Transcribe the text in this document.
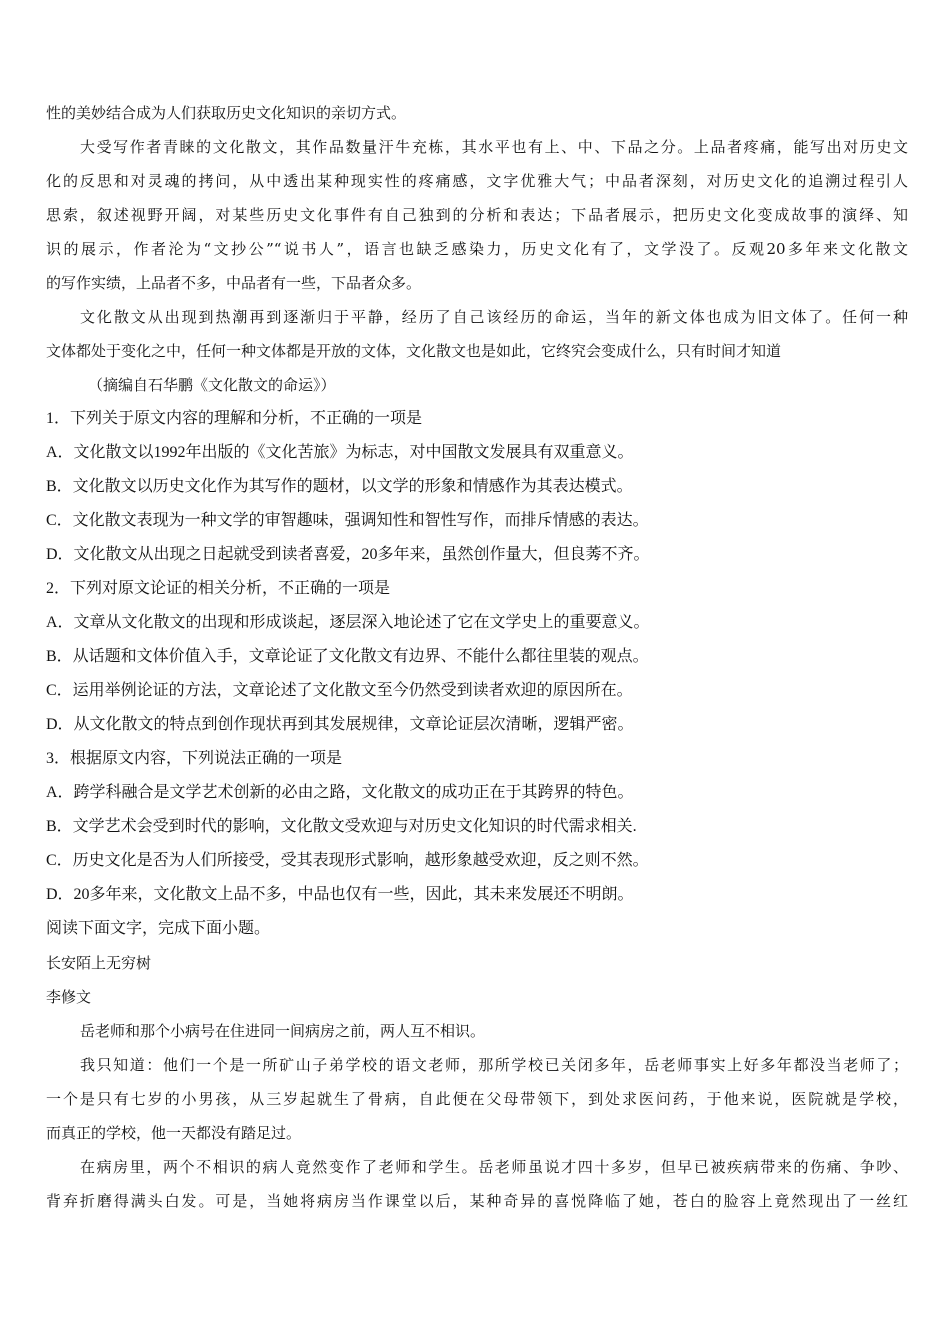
性的美妙结合成为人们获取历史文化知识的亲切方式。
大受写作者青睐的文化散文，其作品数量汗牛充栋，其水平也有上、中、下品之分。上品者疼痛，能写出对历史文
化的反思和对灵魂的拷问，从中透出某种现实性的疼痛感，文字优雅大气；中品者深刻，对历史文化的追溯过程引人
思索，叙述视野开阔，对某些历史文化事件有自己独到的分析和表达；下品者展示，把历史文化变成故事的演绎、知
识的展示，作者沦为“文抄公”“说书人”，语言也缺乏感染力，历史文化有了，文学没了。反观20多年来文化散文
的写作实绩，上品者不多，中品者有一些，下品者众多。
文化散文从出现到热潮再到逐渐归于平静，经历了自己该经历的命运，当年的新文体也成为旧文体了。任何一种
文体都处于变化之中，任何一种文体都是开放的文体，文化散文也是如此，它终究会变成什么，只有时间才知道
（摘编自石华鹏《文化散文的命运》）
1．下列关于原文内容的理解和分析，不正确的一项是
A．文化散文以1992年出版的《文化苦旅》为标志，对中国散文发展具有双重意义。
B．文化散文以历史文化作为其写作的题材，以文学的形象和情感作为其表达模式。
C．文化散文表现为一种文学的审智趣味，强调知性和智性写作，而排斥情感的表达。
D．文化散文从出现之日起就受到读者喜爱，20多年来，虽然创作量大，但良莠不齐。
2．下列对原文论证的相关分析，不正确的一项是
A．文章从文化散文的出现和形成谈起，逐层深入地论述了它在文学史上的重要意义。
B．从话题和文体价值入手，文章论证了文化散文有边界、不能什么都往里装的观点。
C．运用举例论证的方法，文章论述了文化散文至今仍然受到读者欢迎的原因所在。
D．从文化散文的特点到创作现状再到其发展规律，文章论证层次清晰，逻辑严密。
3．根据原文内容，下列说法正确的一项是
A．跨学科融合是文学艺术创新的必由之路，文化散文的成功正在于其跨界的特色。
B．文学艺术会受到时代的影响，文化散文受欢迎与对历史文化知识的时代需求相关.
C．历史文化是否为人们所接受，受其表现形式影响，越形象越受欢迎，反之则不然。
D．20多年来，文化散文上品不多，中品也仅有一些，因此，其未来发展还不明朗。
阅读下面文字，完成下面小题。
长安陌上无穷树
李修文
岳老师和那个小病号在住进同一间病房之前，两人互不相识。
我只知道：他们一个是一所矿山子弟学校的语文老师，那所学校已关闭多年，岳老师事实上好多年都没当老师了；
一个是只有七岁的小男孩，从三岁起就生了骨病，自此便在父母带领下，到处求医问药，于他来说，医院就是学校，
而真正的学校，他一天都没有踏足过。
在病房里，两个不相识的病人竟然变作了老师和学生。岳老师虽说才四十多岁，但早已被疾病带来的伤痛、争吵、
背弃折磨得满头白发。可是，当她将病房当作课堂以后，某种奇异的喜悦降临了她，苍白的脸容上竟然现出了一丝红
